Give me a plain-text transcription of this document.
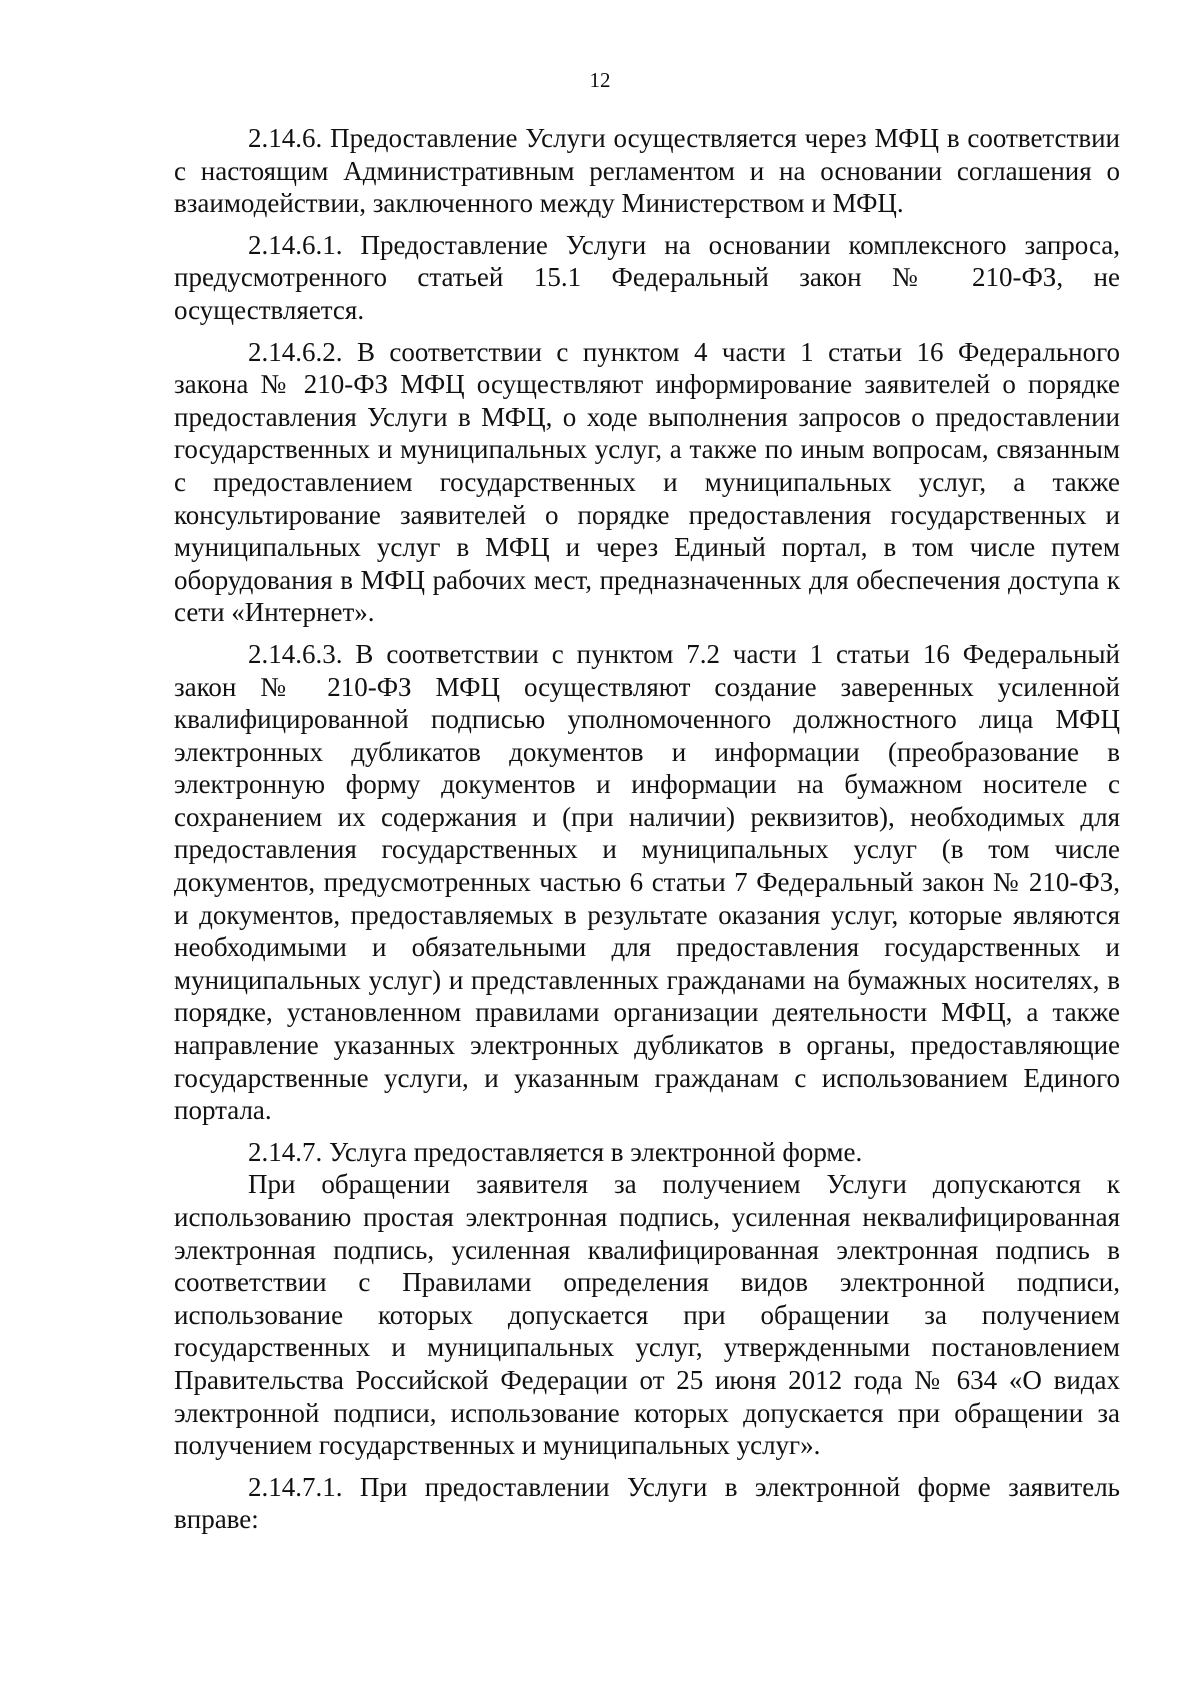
12

2.14.6. Предоставление Услуги осуществляется через МФЦ в соответствии с настоящим Административным регламентом и на основании соглашения о взаимодействии, заключенного между Министерством и МФЦ.

2.14.6.1. Предоставление Услуги на основании комплексного запроса, предусмотренного статьей 15.1 Федеральный закон № 210-ФЗ, не осуществляется.

2.14.6.2. В соответствии с пунктом 4 части 1 статьи 16 Федерального закона № 210-ФЗ МФЦ осуществляют информирование заявителей о порядке предоставления Услуги в МФЦ, о ходе выполнения запросов о предоставлении государственных и муниципальных услуг, а также по иным вопросам, связанным с предоставлением государственных и муниципальных услуг, а также консультирование заявителей о порядке предоставления государственных и муниципальных услуг в МФЦ и через Единый портал, в том числе путем оборудования в МФЦ рабочих мест, предназначенных для обеспечения доступа к сети «Интернет».

2.14.6.3. В соответствии с пунктом 7.2 части 1 статьи 16 Федеральный закон № 210-ФЗ МФЦ осуществляют создание заверенных усиленной квалифицированной подписью уполномоченного должностного лица МФЦ электронных дубликатов документов и информации (преобразование в электронную форму документов и информации на бумажном носителе с сохранением их содержания и (при наличии) реквизитов), необходимых для предоставления государственных и муниципальных услуг (в том числе документов, предусмотренных частью 6 статьи 7 Федеральный закон № 210-ФЗ, и документов, предоставляемых в результате оказания услуг, которые являются необходимыми и обязательными для предоставления государственных и муниципальных услуг) и представленных гражданами на бумажных носителях, в порядке, установленном правилами организации деятельности МФЦ, а также направление указанных электронных дубликатов в органы, предоставляющие государственные услуги, и указанным гражданам с использованием Единого портала.

2.14.7. Услуга предоставляется в электронной форме.

При обращении заявителя за получением Услуги допускаются к использованию простая электронная подпись, усиленная неквалифицированная электронная подпись, усиленная квалифицированная электронная подпись в соответствии с Правилами определения видов электронной подписи, использование которых допускается при обращении за получением государственных и муниципальных услуг, утвержденными постановлением Правительства Российской Федерации от 25 июня 2012 года № 634 «О видах электронной подписи, использование которых допускается при обращении за получением государственных и муниципальных услуг».

2.14.7.1. При предоставлении Услуги в электронной форме заявитель вправе:
